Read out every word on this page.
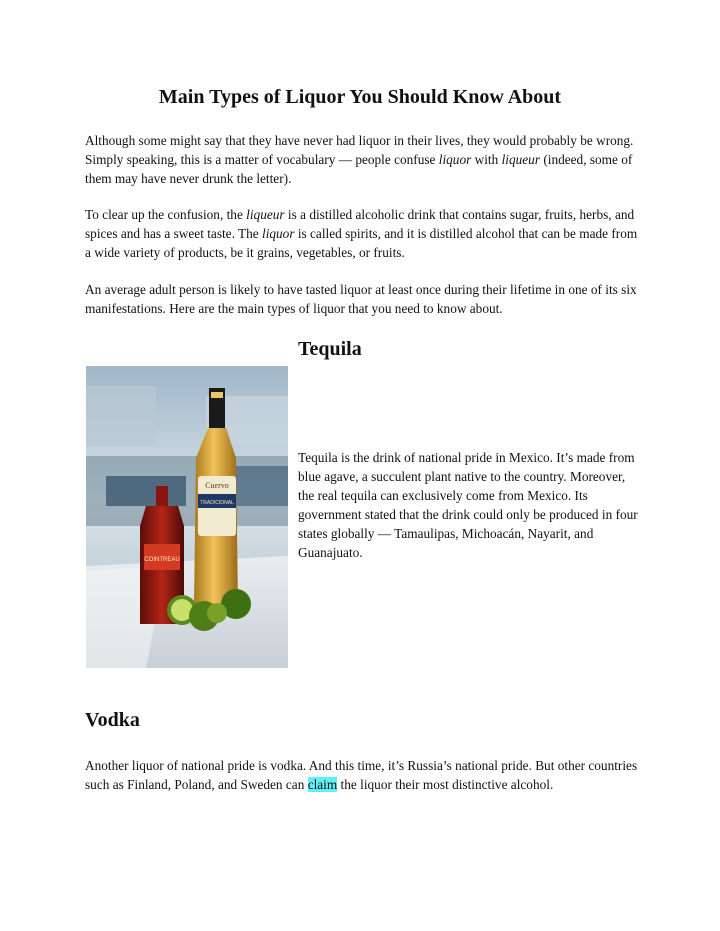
Main Types of Liquor You Should Know About

Although some might say that they have never had liquor in their lives, they would probably be wrong. Simply speaking, this is a matter of vocabulary — people confuse liquor with liqueur (indeed, some of them may have never drunk the letter).

To clear up the confusion, the liqueur is a distilled alcoholic drink that contains sugar, fruits, herbs, and spices and has a sweet taste. The liquor is called spirits, and it is distilled alcohol that can be made from a wide variety of products, be it grains, vegetables, or fruits.

An average adult person is likely to have tasted liquor at least once during their lifetime in one of its six manifestations. Here are the main types of liquor that you need to know about.

Tequila
Cuervo
TRADICIONAL
COINTREAU

Tequila is the drink of national pride in Mexico. It’s made from blue agave, a succulent plant native to the country. Moreover, the real tequila can exclusively come from Mexico. Its government stated that the drink could only be produced in four states globally — Tamaulipas, Michoacán, Nayarit, and Guanajuato.

Vodka

Another liquor of national pride is vodka. And this time, it’s Russia’s national pride. But other countries such as Finland, Poland, and Sweden can claim the liquor their most distinctive alcohol.
